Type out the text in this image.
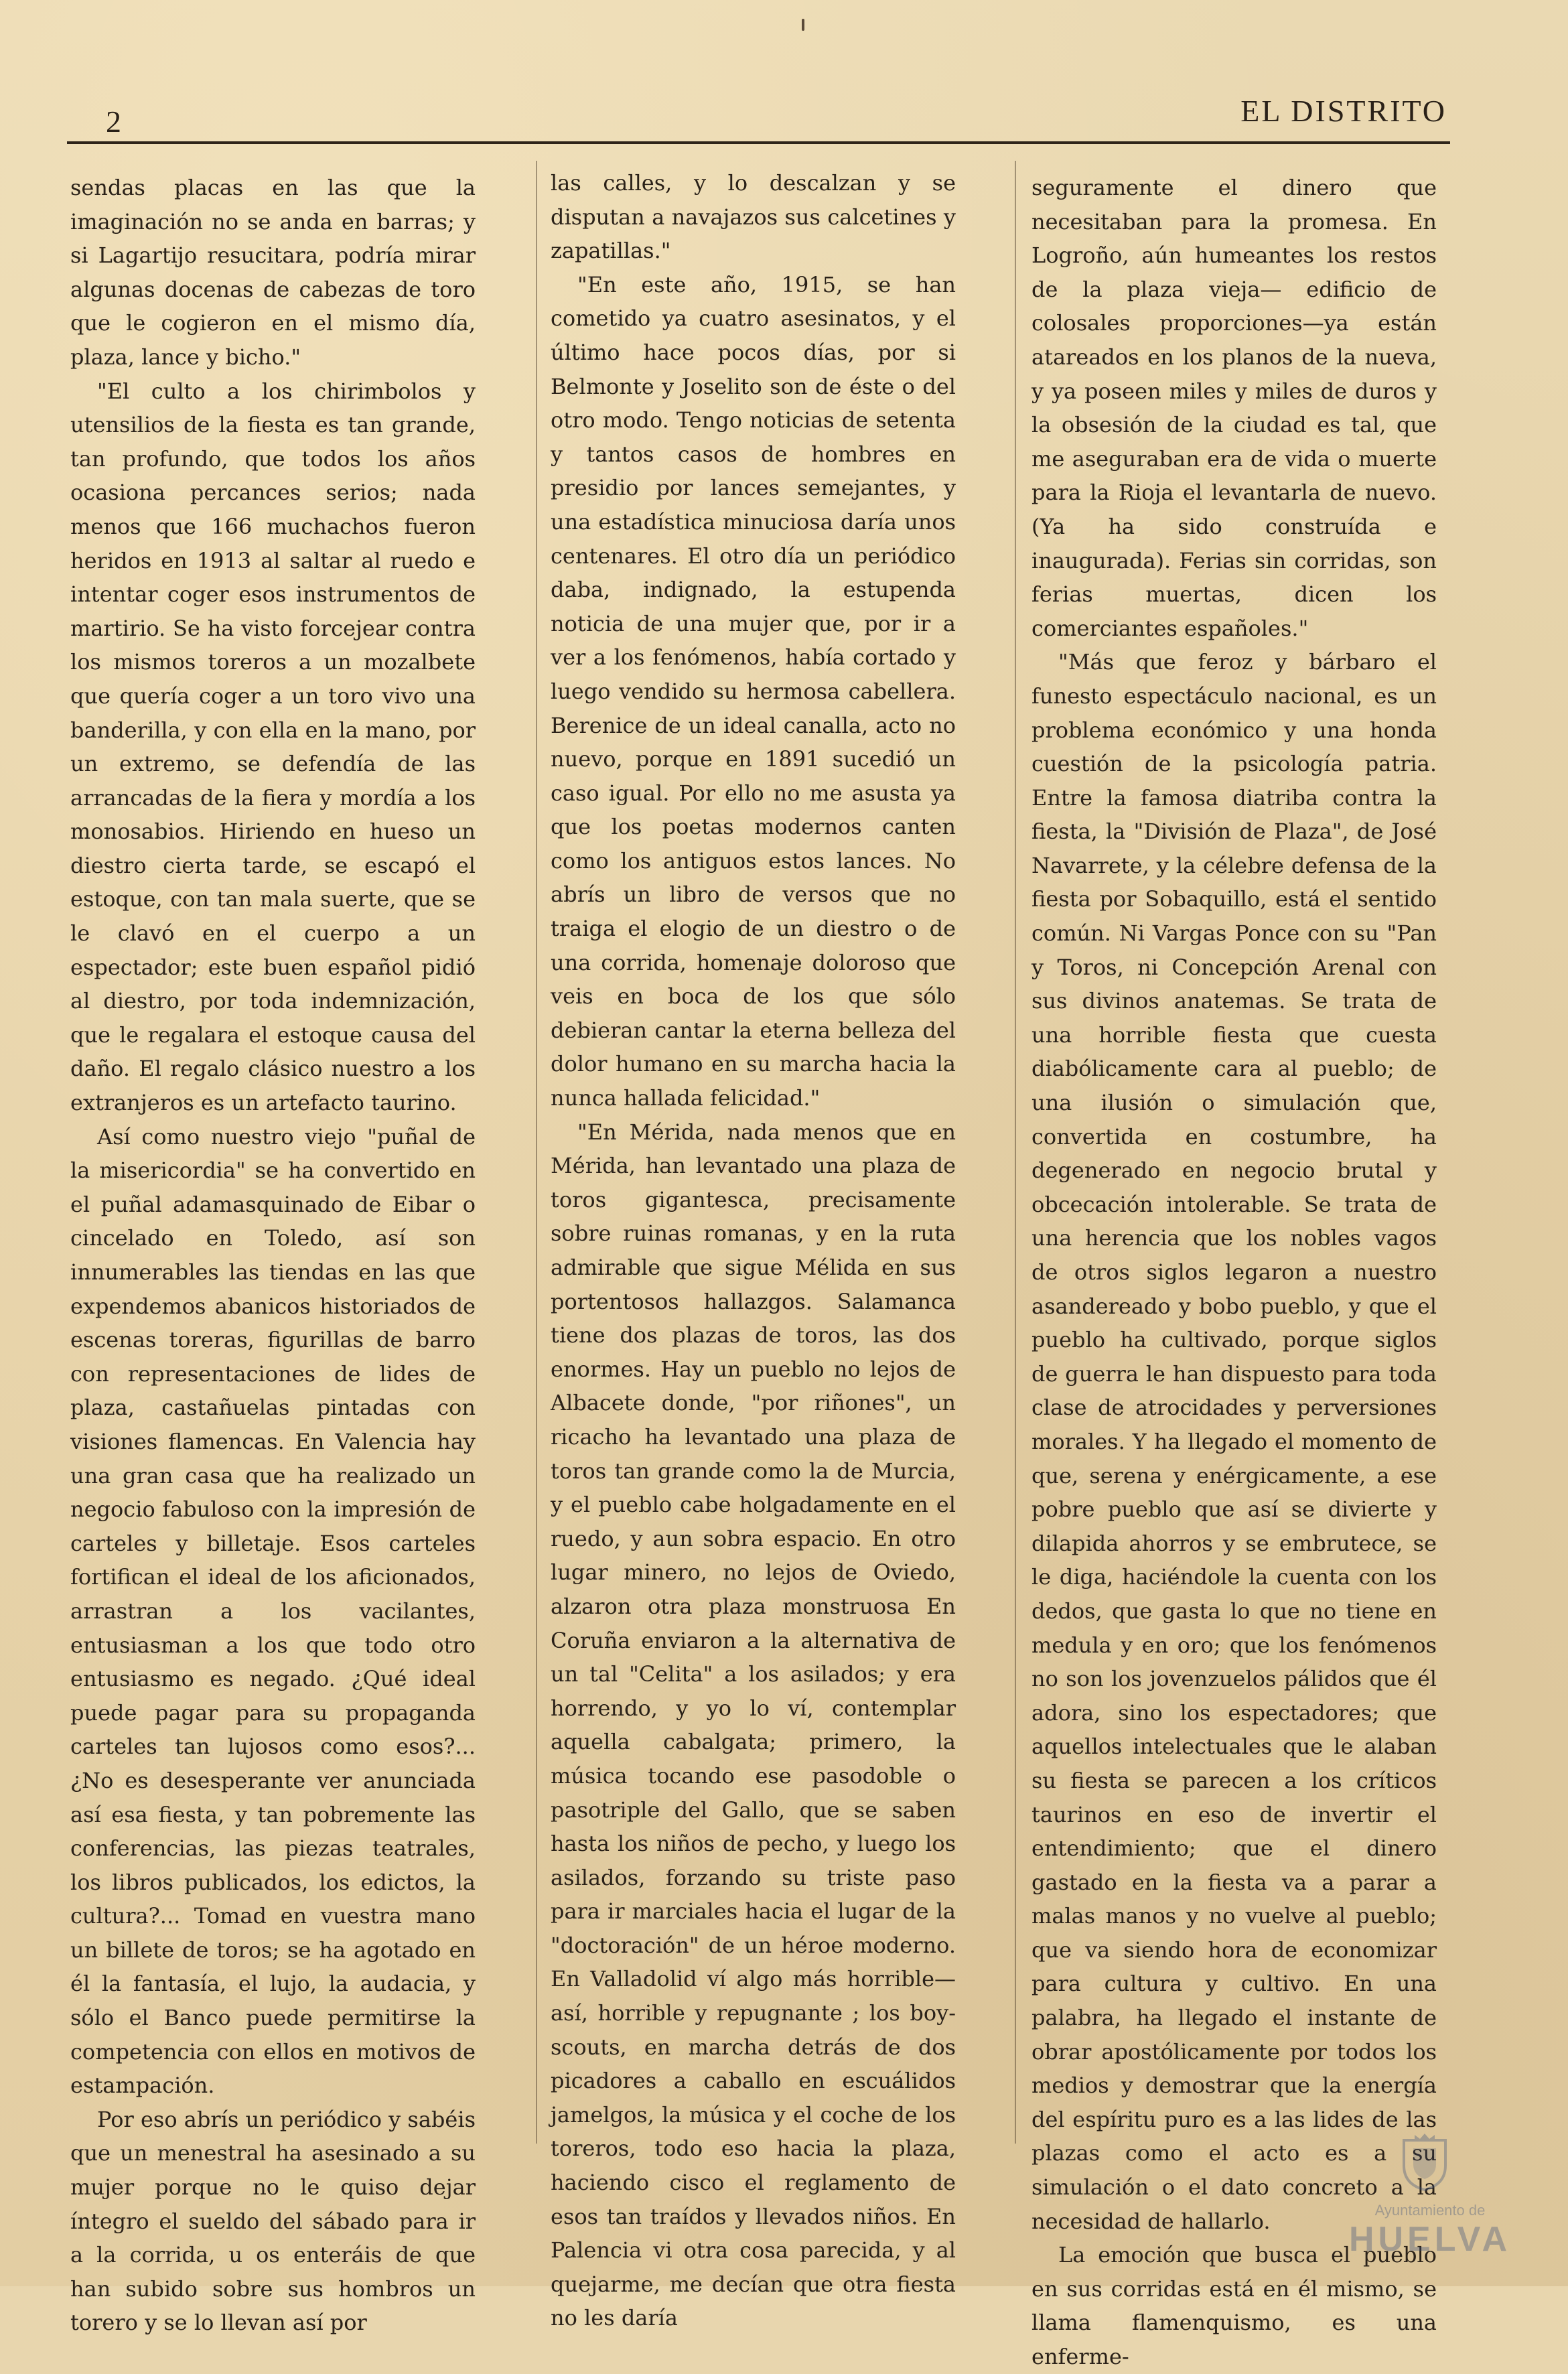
2	EL DISTRITO

sendas placas en las que la imaginación no se anda en barras; y si Lagartijo resucitara, podría mirar algunas docenas de cabezas de toro que le cogieron en el mismo día, plaza, lance y bicho."

"El culto a los chirimbolos y utensilios de la fiesta es tan grande, tan profundo, que todos los años ocasiona percances serios; nada menos que 166 muchachos fueron heridos en 1913 al saltar al ruedo e intentar coger esos instrumentos de martirio. Se ha visto forcejear contra los mismos toreros a un mozalbete que quería coger a un toro vivo una banderilla, y con ella en la mano, por un extremo, se defendía de las arrancadas de la fiera y mordía a los monosabios. Hiriendo en hueso un diestro cierta tarde, se escapó el estoque, con tan mala suerte, que se le clavó en el cuerpo a un espectador; este buen español pidió al diestro, por toda indemnización, que le regalara el estoque causa del daño. El regalo clásico nuestro a los extranjeros es un artefacto taurino.

Así como nuestro viejo "puñal de la misericordia" se ha convertido en el puñal adamasquinado de Eibar o cincelado en Toledo, así son innumerables las tiendas en las que expendemos abanicos historiados de escenas toreras, figurillas de barro con representaciones de lides de plaza, castañuelas pintadas con visiones flamencas. En Valencia hay una gran casa que ha realizado un negocio fabuloso con la impresión de carteles y billetaje. Esos carteles fortifican el ideal de los aficionados, arrastran a los vacilantes, entusiasman a los que todo otro entusiasmo es negado. ¿Qué ideal puede pagar para su propaganda carteles tan lujosos como esos?... ¿No es desesperante ver anunciada así esa fiesta, y tan pobremente las conferencias, las piezas teatrales, los libros publicados, los edictos, la cultura?... Tomad en vuestra mano un billete de toros; se ha agotado en él la fantasía, el lujo, la audacia, y sólo el Banco puede permitirse la competencia con ellos en motivos de estampación.

Por eso abrís un periódico y sabéis que un menestral ha asesinado a su mujer porque no le quiso dejar íntegro el sueldo del sábado para ir a la corrida, u os enteráis de que han subido sobre sus hombros un torero y se lo llevan así por

las calles, y lo descalzan y se disputan a navajazos sus calcetines y zapatillas."

"En este año, 1915, se han cometido ya cuatro asesinatos, y el último hace pocos días, por si Belmonte y Joselito son de éste o del otro modo. Tengo noticias de setenta y tantos casos de hombres en presidio por lances semejantes, y una estadística minuciosa daría unos centenares. El otro día un periódico daba, indignado, la estupenda noticia de una mujer que, por ir a ver a los fenómenos, había cortado y luego vendido su hermosa cabellera. Berenice de un ideal canalla, acto no nuevo, porque en 1891 sucedió un caso igual. Por ello no me asusta ya que los poetas modernos canten como los antiguos estos lances. No abrís un libro de versos que no traiga el elogio de un diestro o de una corrida, homenaje doloroso que veis en boca de los que sólo debieran cantar la eterna belleza del dolor humano en su marcha hacia la nunca hallada felicidad."

"En Mérida, nada menos que en Mérida, han levantado una plaza de toros gigantesca, precisamente sobre ruinas romanas, y en la ruta admirable que sigue Mélida en sus portentosos hallazgos. Salamanca tiene dos plazas de toros, las dos enormes. Hay un pueblo no lejos de Albacete donde, "por riñones", un ricacho ha levantado una plaza de toros tan grande como la de Murcia, y el pueblo cabe holgadamente en el ruedo, y aun sobra espacio. En otro lugar minero, no lejos de Oviedo, alzaron otra plaza monstruosa En Coruña enviaron a la alternativa de un tal "Celita" a los asilados; y era horrendo, y yo lo ví, contemplar aquella cabalgata; primero, la música tocando ese pasodoble o pasotriple del Gallo, que se saben hasta los niños de pecho, y luego los asilados, forzando su triste paso para ir marciales hacia el lugar de la "doctoración" de un héroe moderno. En Valladolid ví algo más horrible— así, horrible y repugnante ; los boy-scouts, en marcha detrás de dos picadores a caballo en escuálidos jamelgos, la música y el coche de los toreros, todo eso hacia la plaza, haciendo cisco el reglamento de esos tan traídos y llevados niños. En Palencia vi otra cosa parecida, y al quejarme, me decían que otra fiesta no les daría

seguramente el dinero que necesitaban para la promesa. En Logroño, aún humeantes los restos de la plaza vieja— edificio de colosales proporciones—ya están atareados en los planos de la nueva, y ya poseen miles y miles de duros y la obsesión de la ciudad es tal, que me aseguraban era de vida o muerte para la Rioja el levantarla de nuevo. (Ya ha sido construída e inaugurada). Ferias sin corridas, son ferias muertas, dicen los comerciantes españoles."

"Más que feroz y bárbaro el funesto espectáculo nacional, es un problema económico y una honda cuestión de la psicología patria. Entre la famosa diatriba contra la fiesta, la "División de Plaza", de José Navarrete, y la célebre defensa de la fiesta por Sobaquillo, está el sentido común. Ni Vargas Ponce con su "Pan y Toros, ni Concepción Arenal con sus divinos anatemas. Se trata de una horrible fiesta que cuesta diabólicamente cara al pueblo; de una ilusión o simulación que, convertida en costumbre, ha degenerado en negocio brutal y obcecación intolerable. Se trata de una herencia que los nobles vagos de otros siglos legaron a nuestro asandereado y bobo pueblo, y que el pueblo ha cultivado, porque siglos de guerra le han dispuesto para toda clase de atrocidades y perversiones morales. Y ha llegado el momento de que, serena y enérgicamente, a ese pobre pueblo que así se divierte y dilapida ahorros y se embrutece, se le diga, haciéndole la cuenta con los dedos, que gasta lo que no tiene en medula y en oro; que los fenómenos no son los jovenzuelos pálidos que él adora, sino los espectadores; que aquellos intelectuales que le alaban su fiesta se parecen a los críticos taurinos en eso de invertir el entendimiento; que el dinero gastado en la fiesta va a parar a malas manos y no vuelve al pueblo; que va siendo hora de economizar para cultura y cultivo. En una palabra, ha llegado el instante de obrar apostólicamente por todos los medios y demostrar que la energía del espíritu puro es a las lides de las plazas como el acto es a su simulación o el dato concreto a la necesidad de hallarlo.

La emoción que busca el pueblo en sus corridas está en él mismo, se llama flamenquismo, es una enferme-

Ayuntamiento de
HUELVA
